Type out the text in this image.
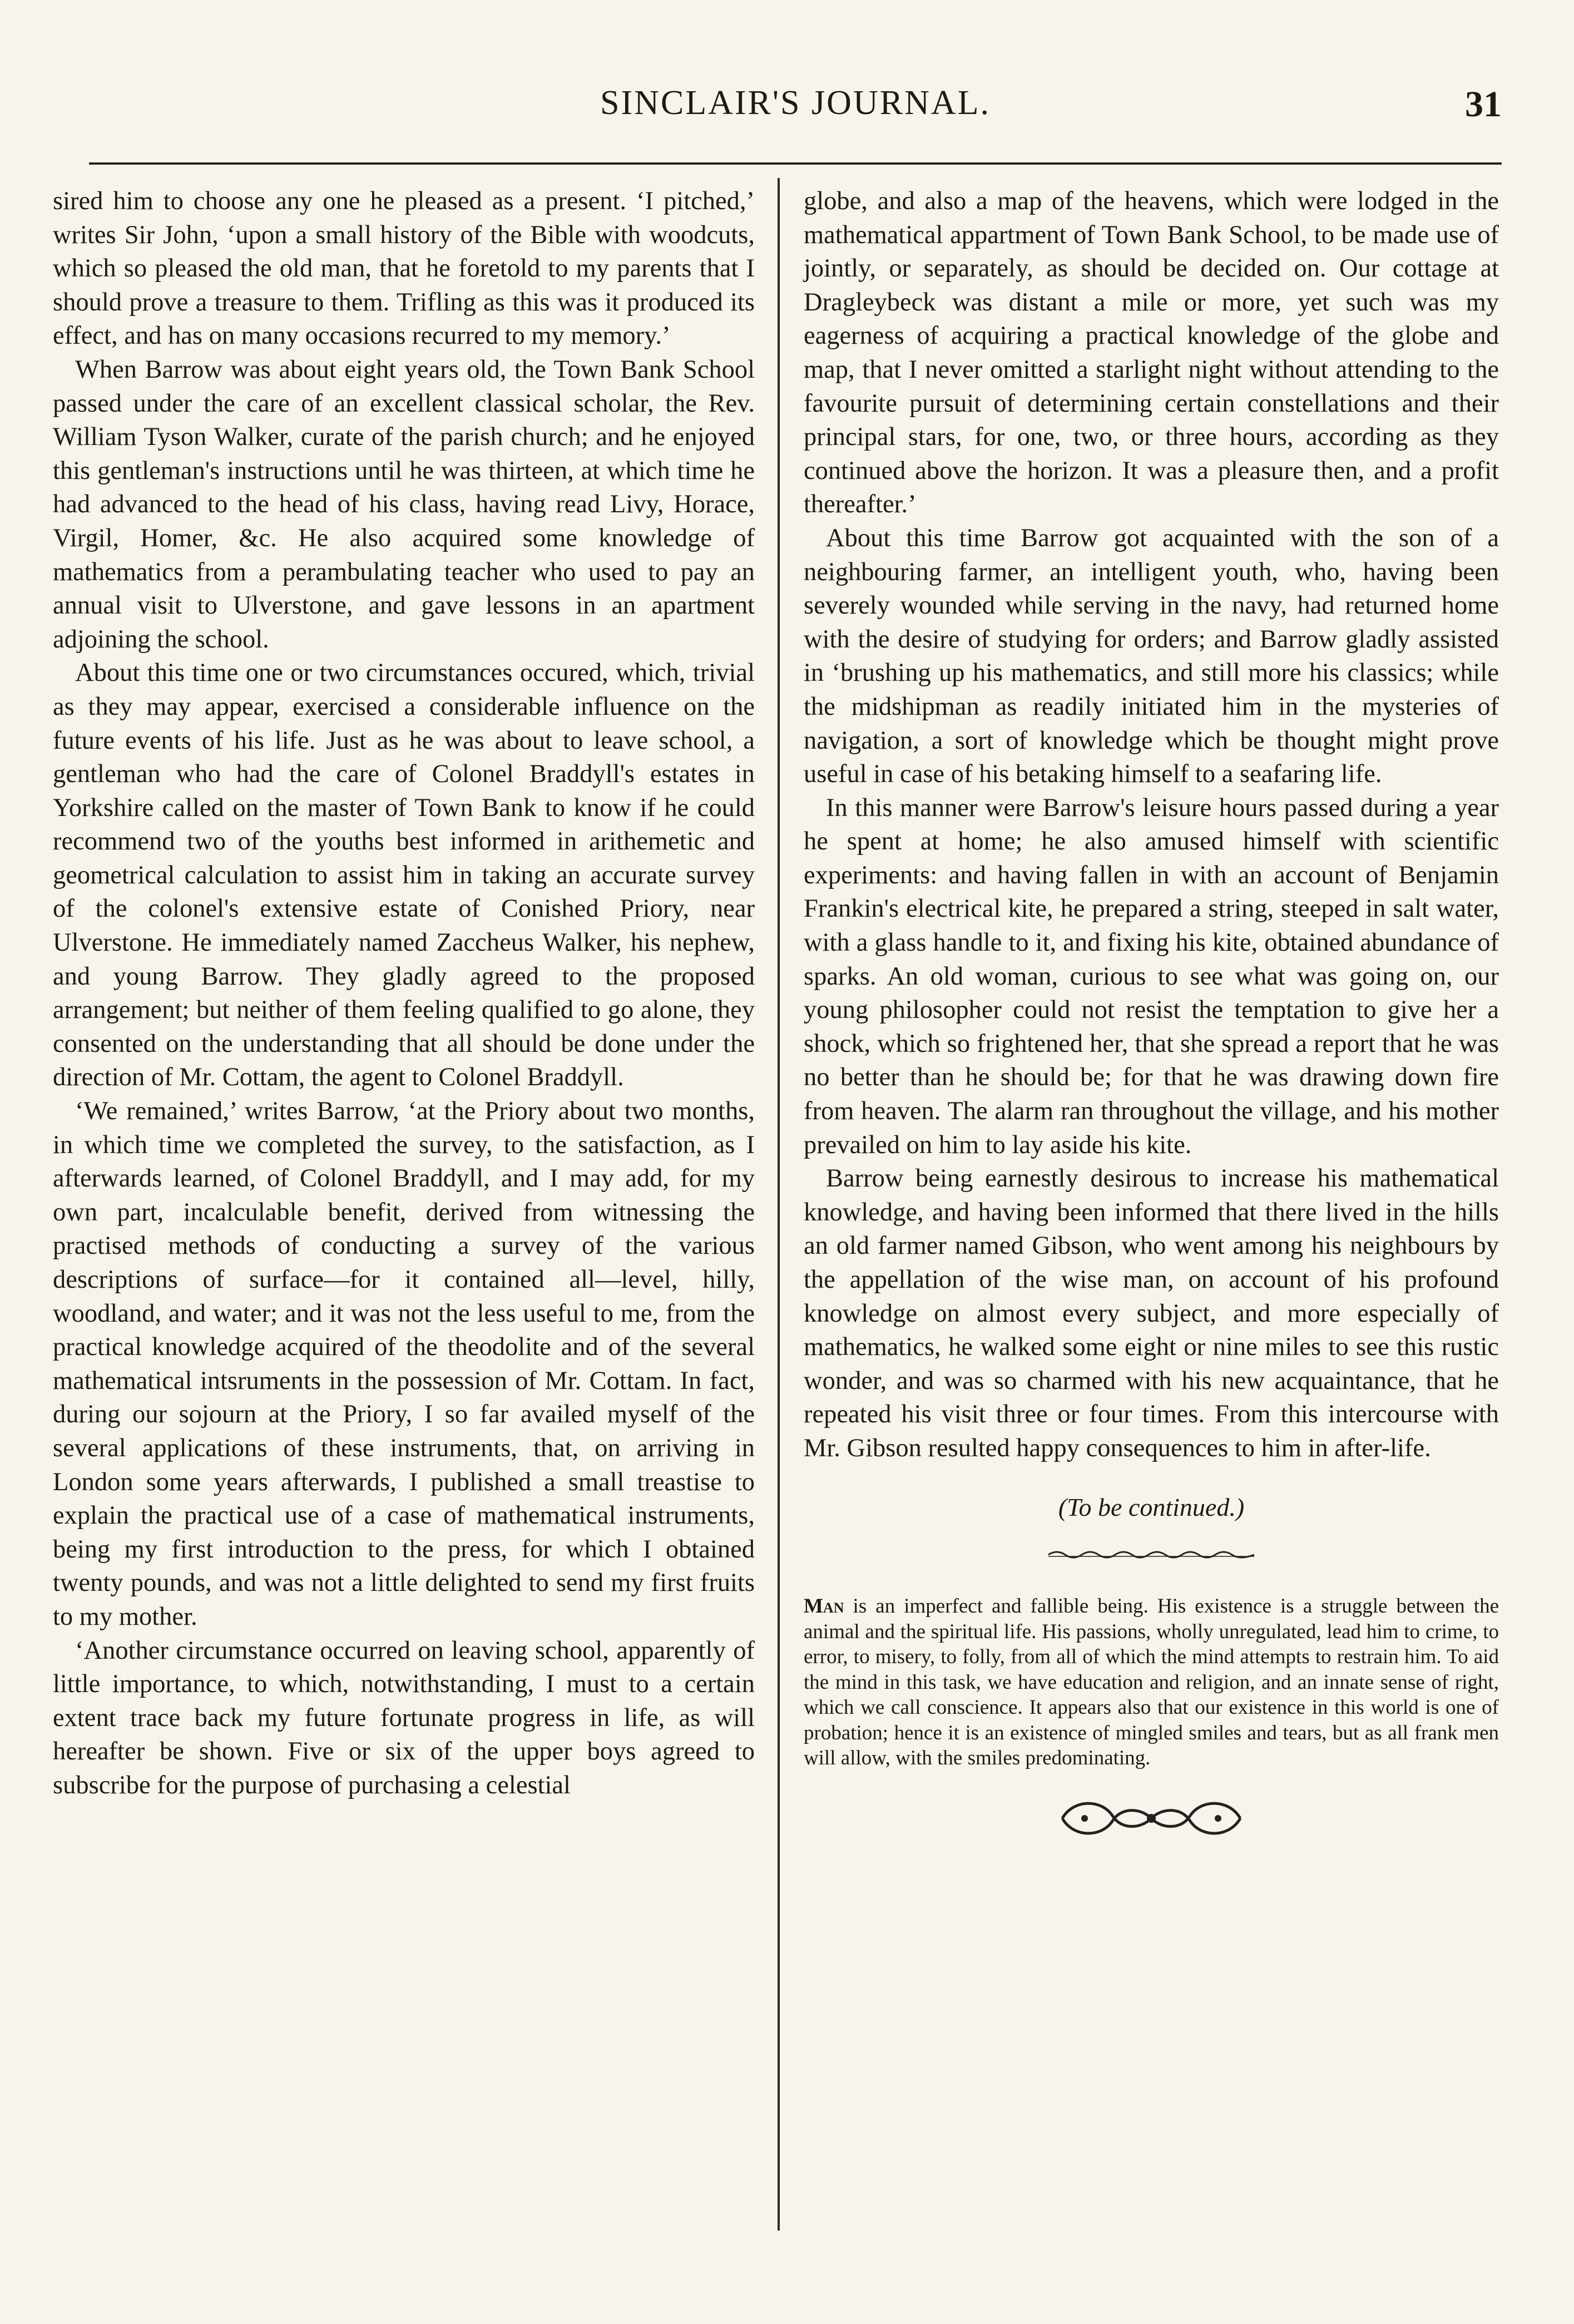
SINCLAIR'S JOURNAL.	31

sired him to choose any one he pleased as a present. ‘I pitched,’ writes Sir John, ‘upon a small history of the Bible with woodcuts, which so pleased the old man, that he foretold to my parents that I should prove a treasure to them. Trifling as this was it produced its effect, and has on many occasions recurred to my memory.’

When Barrow was about eight years old, the Town Bank School passed under the care of an excellent classical scholar, the Rev. William Tyson Walker, curate of the parish church; and he enjoyed this gentleman's instructions until he was thirteen, at which time he had advanced to the head of his class, having read Livy, Horace, Virgil, Homer, &c. He also acquired some knowledge of mathematics from a perambulating teacher who used to pay an annual visit to Ulverstone, and gave lessons in an apartment adjoining the school.

About this time one or two circumstances occured, which, trivial as they may appear, exercised a considerable influence on the future events of his life. Just as he was about to leave school, a gentleman who had the care of Colonel Braddyll's estates in Yorkshire called on the master of Town Bank to know if he could recommend two of the youths best informed in arithemetic and geometrical calculation to assist him in taking an accurate survey of the colonel's extensive estate of Conished Priory, near Ulverstone. He immediately named Zaccheus Walker, his nephew, and young Barrow. They gladly agreed to the proposed arrangement; but neither of them feeling qualified to go alone, they consented on the understanding that all should be done under the direction of Mr. Cottam, the agent to Colonel Braddyll.

‘We remained,’ writes Barrow, ‘at the Priory about two months, in which time we completed the survey, to the satisfaction, as I afterwards learned, of Colonel Braddyll, and I may add, for my own part, incalculable benefit, derived from witnessing the practised methods of conducting a survey of the various descriptions of surface—for it contained all—level, hilly, woodland, and water; and it was not the less useful to me, from the practical knowledge acquired of the theodolite and of the several mathematical intsruments in the possession of Mr. Cottam. In fact, during our sojourn at the Priory, I so far availed myself of the several applications of these instruments, that, on arriving in London some years afterwards, I published a small treastise to explain the practical use of a case of mathematical instruments, being my first introduction to the press, for which I obtained twenty pounds, and was not a little delighted to send my first fruits to my mother.

‘Another circumstance occurred on leaving school, apparently of little importance, to which, notwithstanding, I must to a certain extent trace back my future fortunate progress in life, as will hereafter be shown. Five or six of the upper boys agreed to subscribe for the purpose of purchasing a celestial

globe, and also a map of the heavens, which were lodged in the mathematical appartment of Town Bank School, to be made use of jointly, or separately, as should be decided on. Our cottage at Dragleybeck was distant a mile or more, yet such was my eagerness of acquiring a practical knowledge of the globe and map, that I never omitted a starlight night without attending to the favourite pursuit of determining certain constellations and their principal stars, for one, two, or three hours, according as they continued above the horizon. It was a pleasure then, and a profit thereafter.’

About this time Barrow got acquainted with the son of a neighbouring farmer, an intelligent youth, who, having been severely wounded while serving in the navy, had returned home with the desire of studying for orders; and Barrow gladly assisted in ‘brushing up his mathematics, and still more his classics; while the midshipman as readily initiated him in the mysteries of navigation, a sort of knowledge which be thought might prove useful in case of his betaking himself to a seafaring life.

In this manner were Barrow's leisure hours passed during a year he spent at home; he also amused himself with scientific experiments: and having fallen in with an account of Benjamin Frankin's electrical kite, he prepared a string, steeped in salt water, with a glass handle to it, and fixing his kite, obtained abundance of sparks. An old woman, curious to see what was going on, our young philosopher could not resist the temptation to give her a shock, which so frightened her, that she spread a report that he was no better than he should be; for that he was drawing down fire from heaven. The alarm ran throughout the village, and his mother prevailed on him to lay aside his kite.

Barrow being earnestly desirous to increase his mathematical knowledge, and having been informed that there lived in the hills an old farmer named Gibson, who went among his neighbours by the appellation of the wise man, on account of his profound knowledge on almost every subject, and more especially of mathematics, he walked some eight or nine miles to see this rustic wonder, and was so charmed with his new acquaintance, that he repeated his visit three or four times. From this intercourse with Mr. Gibson resulted happy consequences to him in after-life.

(To be continued.)
Man is an imperfect and fallible being. His existence is a struggle between the animal and the spiritual life. His passions, wholly unregulated, lead him to crime, to error, to misery, to folly, from all of which the mind attempts to restrain him. To aid the mind in this task, we have education and religion, and an innate sense of right, which we call conscience. It appears also that our existence in this world is one of probation; hence it is an existence of mingled smiles and tears, but as all frank men will allow, with the smiles predominating.
